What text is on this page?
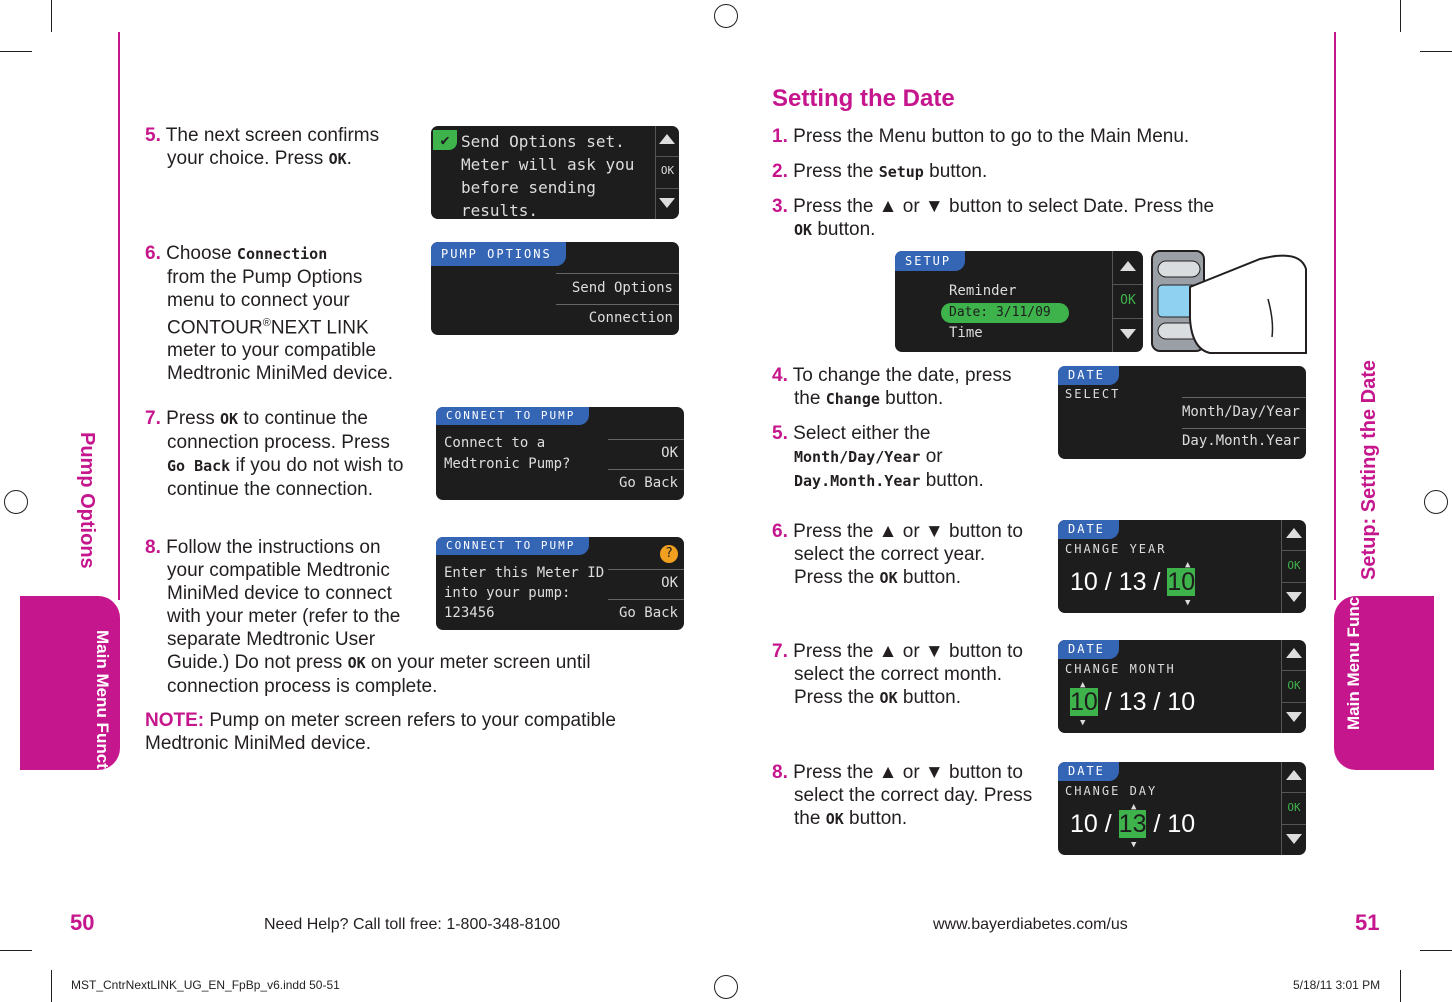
Pump Options
Main Menu Functions
Setup: Setting the Date
Main Menu Functions
5. The next screen confirms
your choice. Press OK.
6. Choose Connection
from the Pump Options
menu to connect your
CONTOUR®NEXT LINK
meter to your compatible
Medtronic MiniMed device.
7. Press OK to continue the
connection process. Press
Go Back if you do not wish to
continue the connection.
8. Follow the instructions on
your compatible Medtronic
MiniMed device to connect
with your meter (refer to the
separate Medtronic User
Guide.) Do not press OK on your meter screen until
connection process is complete.
NOTE: Pump on meter screen refers to your compatible
Medtronic MiniMed device.
✔ Send Options set.
Meter will ask you
before sending results.
OK
PUMP OPTIONS
Send Options
Connection
CONNECT TO PUMP
Connect to a
Medtronic Pump?
OK
Go Back
CONNECT TO PUMP
?
Enter this Meter ID
into your pump:
123456
OK
Go Back
Setting the Date
1. Press the Menu button to go to the Main Menu.
2. Press the Setup button.
3. Press the ▲ or ▼ button to select Date. Press the
OK button.
SETUP
Reminder
Date: 3/11/09
Time
OK
4. To change the date, press
the Change button.
5. Select either the
Month/Day/Year or
Day.Month.Year button.
DATE
SELECT
Month/Day/Year
Day.Month.Year
6. Press the ▲ or ▼ button to
select the correct year.
Press the OK button.
7. Press the ▲ or ▼ button to
select the correct month.
Press the OK button.
8. Press the ▲ or ▼ button to
select the correct day. Press
the OK button.
DATE
CHANGE YEAR
10 / 13 / 10
▲
▼
OK
DATE
CHANGE MONTH
10 / 13 / 10
▲
▼
OK
DATE
CHANGE DAY
10 / 13 / 10
▲
▼
OK
50	Need Help? Call toll free: 1-800-348-8100	www.bayerdiabetes.com/us	51
MST_CntrNextLINK_UG_EN_FpBp_v6.indd 50-51	5/18/11 3:01 PM
